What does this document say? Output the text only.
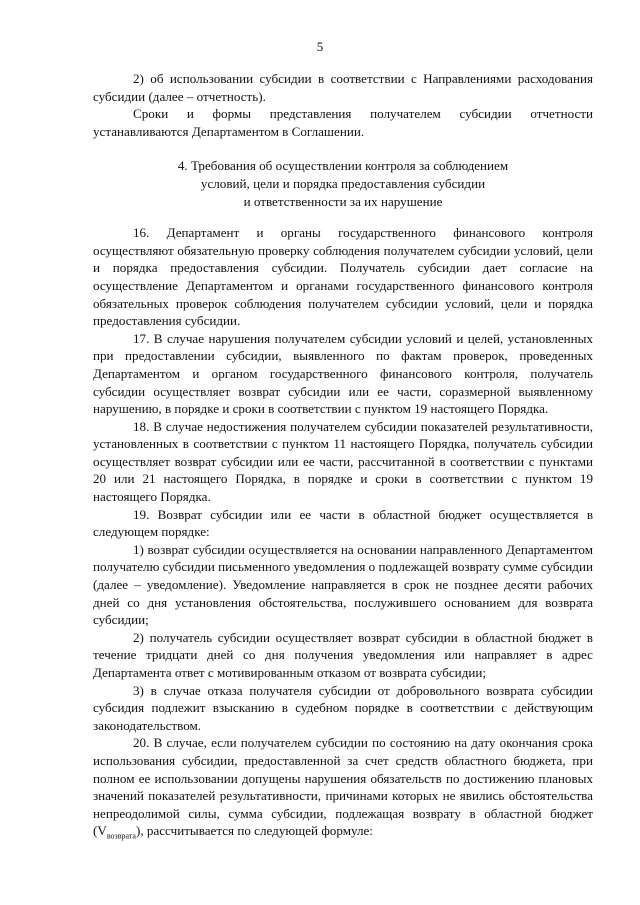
5

2) об использовании субсидии в соответствии с Направлениями расходования субсидии (далее – отчетность).

Сроки и формы представления получателем субсидии отчетности устанавливаются Департаментом в Соглашении.

4. Требования об осуществлении контроля за соблюдением
условий, цели и порядка предоставления субсидии
и ответственности за их нарушение

16. Департамент и органы государственного финансового контроля осуществляют обязательную проверку соблюдения получателем субсидии условий, цели и порядка предоставления субсидии. Получатель субсидии дает согласие на осуществление Департаментом и органами государственного финансового контроля обязательных проверок соблюдения получателем субсидии условий, цели и порядка предоставления субсидии.

17. В случае нарушения получателем субсидии условий и целей, установленных при предоставлении субсидии, выявленного по фактам проверок, проведенных Департаментом и органом государственного финансового контроля, получатель субсидии осуществляет возврат субсидии или ее части, соразмерной выявленному нарушению, в порядке и сроки в соответствии с пунктом 19 настоящего Порядка.

18. В случае недостижения получателем субсидии показателей результативности, установленных в соответствии с пунктом 11 настоящего Порядка, получатель субсидии осуществляет возврат субсидии или ее части, рассчитанной в соответствии с пунктами 20 или 21 настоящего Порядка, в порядке и сроки в соответствии с пунктом 19 настоящего Порядка.

19. Возврат субсидии или ее части в областной бюджет осуществляется в следующем порядке:

1) возврат субсидии осуществляется на основании направленного Департаментом получателю субсидии письменного уведомления о подлежащей возврату сумме субсидии (далее – уведомление). Уведомление направляется в срок не позднее десяти рабочих дней со дня установления обстоятельства, послужившего основанием для возврата субсидии;

2) получатель субсидии осуществляет возврат субсидии в областной бюджет в течение тридцати дней со дня получения уведомления или направляет в адрес Департамента ответ с мотивированным отказом от возврата субсидии;

3) в случае отказа получателя субсидии от добровольного возврата субсидии субсидия подлежит взысканию в судебном порядке в соответствии с действующим законодательством.

20. В случае, если получателем субсидии по состоянию на дату окончания срока использования субсидии, предоставленной за счет средств областного бюджета, при полном ее использовании допущены нарушения обязательств по достижению плановых значений показателей результативности, причинами которых не явились обстоятельства непреодолимой силы, сумма субсидии, подлежащая возврату в областной бюджет $(V_{возврата})$, рассчитывается по следующей формуле:
